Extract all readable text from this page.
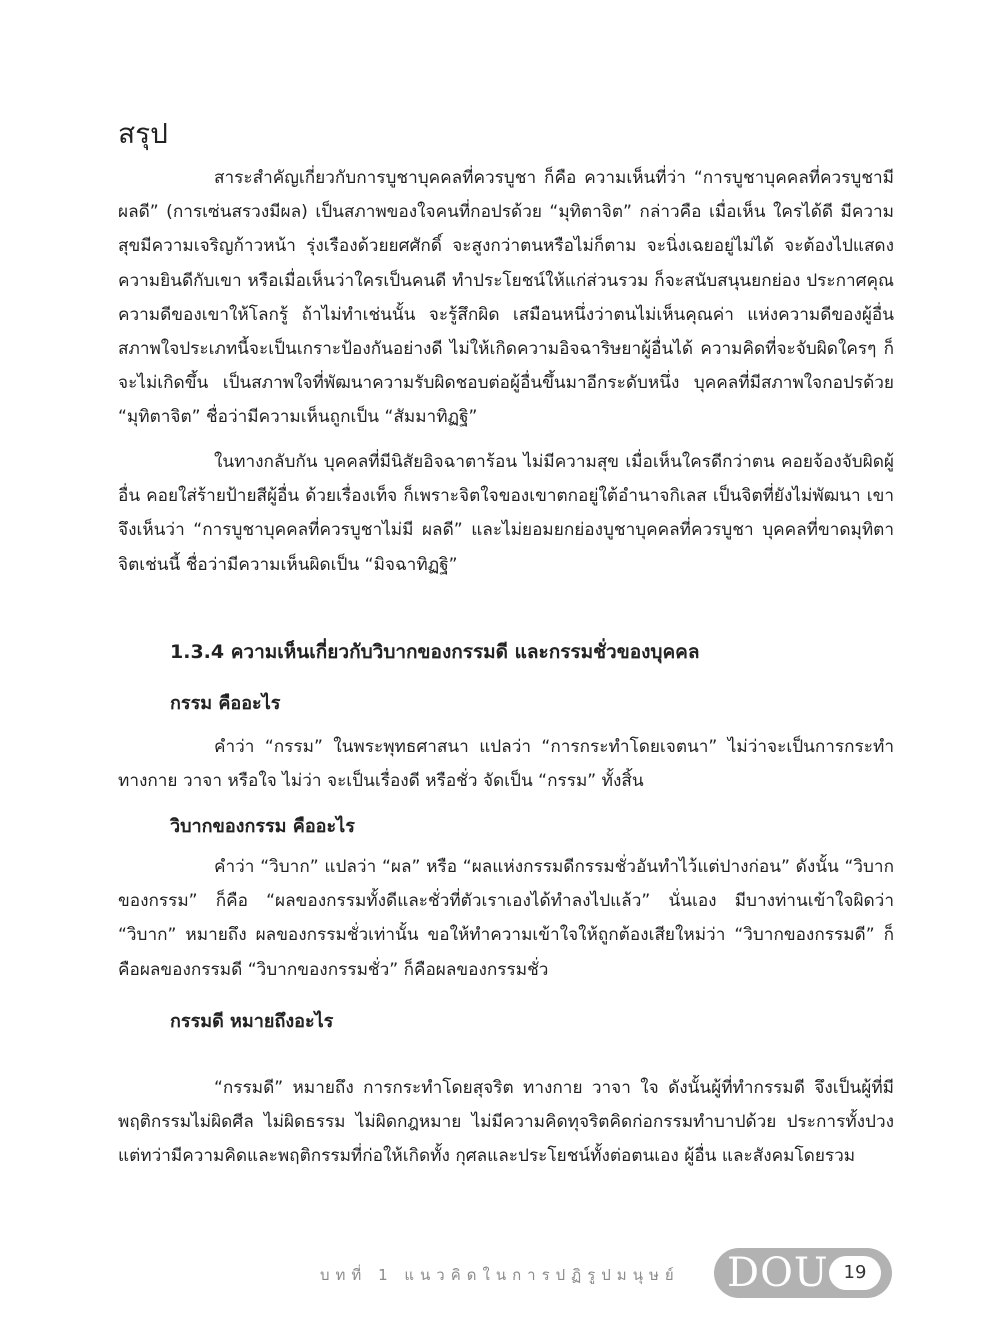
สรุป

สาระสำคัญเกี่ยวกับการบูชาบุคคลที่ควรบูชา ก็คือ ความเห็นที่ว่า “การบูชาบุคคลที่ควรบูชามีผลดี” (การเซ่นสรวงมีผล) เป็นสภาพของใจคนที่กอปรด้วย “มุทิตาจิต” กล่าวคือ เมื่อเห็น ใครได้ดี มีความสุขมีความเจริญก้าวหน้า รุ่งเรืองด้วยยศศักดิ์ จะสูงกว่าตนหรือไม่ก็ตาม จะนิ่งเฉยอยู่ไม่ได้ จะต้องไปแสดงความยินดีกับเขา หรือเมื่อเห็นว่าใครเป็นคนดี ทำประโยชน์ให้แก่ส่วนรวม ก็จะสนับสนุนยกย่อง ประกาศคุณความดีของเขาให้โลกรู้ ถ้าไม่ทำเช่นนั้น จะรู้สึกผิด เสมือนหนึ่งว่าตนไม่เห็นคุณค่า แห่งความดีของผู้อื่น สภาพใจประเภทนี้จะเป็นเกราะป้องกันอย่างดี ไม่ให้เกิดความอิจฉาริษยาผู้อื่นได้ ความคิดที่จะจับผิดใครๆ ก็จะไม่เกิดขึ้น เป็นสภาพใจที่พัฒนาความรับผิดชอบต่อผู้อื่นขึ้นมาอีกระดับหนึ่ง บุคคลที่มีสภาพใจกอปรด้วย “มุทิตาจิต” ชื่อว่ามีความเห็นถูกเป็น “สัมมาทิฏฐิ”

ในทางกลับกัน บุคคลที่มีนิสัยอิจฉาตาร้อน ไม่มีความสุข เมื่อเห็นใครดีกว่าตน คอยจ้องจับผิดผู้อื่น คอยใส่ร้ายป้ายสีผู้อื่น ด้วยเรื่องเท็จ ก็เพราะจิตใจของเขาตกอยู่ใต้อำนาจกิเลส เป็นจิตที่ยังไม่พัฒนา เขาจึงเห็นว่า “การบูชาบุคคลที่ควรบูชาไม่มี ผลดี” และไม่ยอมยกย่องบูชาบุคคลที่ควรบูชา บุคคลที่ขาดมุทิตาจิตเช่นนี้ ชื่อว่ามีความเห็นผิดเป็น “มิจฉาทิฏฐิ”

1.3.4 ความเห็นเกี่ยวกับวิบากของกรรมดี และกรรมชั่วของบุคคล
กรรม คืออะไร

คำว่า “กรรม” ในพระพุทธศาสนา แปลว่า “การกระทำโดยเจตนา” ไม่ว่าจะเป็นการกระทำทางกาย วาจา หรือใจ ไม่ว่า จะเป็นเรื่องดี หรือชั่ว จัดเป็น “กรรม” ทั้งสิ้น

วิบากของกรรม คืออะไร

คำว่า “วิบาก” แปลว่า “ผล” หรือ “ผลแห่งกรรมดีกรรมชั่วอันทำไว้แต่ปางก่อน” ดังนั้น “วิบากของกรรม” ก็คือ “ผลของกรรมทั้งดีและชั่วที่ตัวเราเองได้ทำลงไปแล้ว” นั่นเอง มีบางท่านเข้าใจผิดว่า “วิบาก” หมายถึง ผลของกรรมชั่วเท่านั้น ขอให้ทำความเข้าใจให้ถูกต้องเสียใหม่ว่า “วิบากของกรรมดี” ก็คือผลของกรรมดี “วิบากของกรรมชั่ว” ก็คือผลของกรรมชั่ว

กรรมดี หมายถึงอะไร

“กรรมดี” หมายถึง การกระทำโดยสุจริต ทางกาย วาจา ใจ ดังนั้นผู้ที่ทำกรรมดี จึงเป็นผู้ที่มีพฤติกรรมไม่ผิดศีล ไม่ผิดธรรม ไม่ผิดกฎหมาย ไม่มีความคิดทุจริตคิดก่อกรรมทำบาปด้วย ประการทั้งปวง แต่ทว่ามีความคิดและพฤติกรรมที่ก่อให้เกิดทั้ง กุศลและประโยชน์ทั้งต่อตนเอง ผู้อื่น และสังคมโดยรวม

บทที่ 1 แนวคิดในการปฏิรูปมนุษย์ DOU 19
